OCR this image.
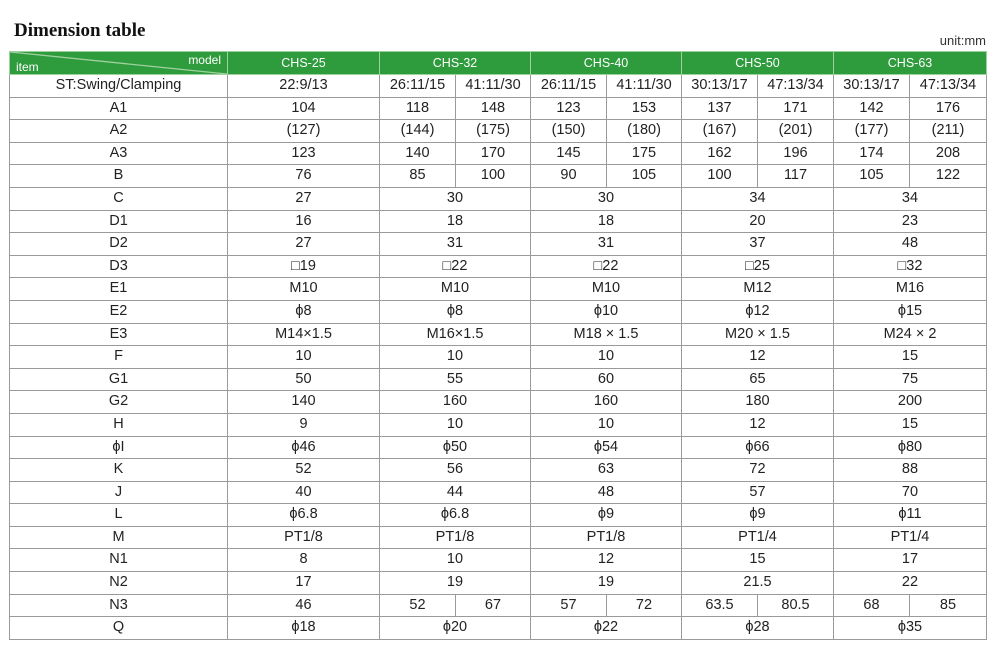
Dimension table	unit:mm
model
item	CHS-25	CHS-32		CHS-40		CHS-50		CHS-63	
ST:Swing/Clamping	22:9/13	26:11/15	41:11/30	26:11/15	41:11/30	30:13/17	47:13/34	30:13/17	47:13/34
A1	104	118	148	123	153	137	171	142	176
A2	(127)	(144)	(175)	(150)	(180)	(167)	(201)	(177)	(211)
A3	123	140	170	145	175	162	196	174	208
B	76	85	100	90	105	100	117	105	122
C	27	30		30		34		34	
D1	16	18		18		20		23	
D2	27	31		31		37		48	
D3	□19	□22		□22		□25		□32	
E1	M10	M10		M10		M12		M16	
E2	ϕ8	ϕ8		ϕ10		ϕ12		ϕ15	
E3	M14×1.5	M16×1.5		M18 × 1.5		M20 × 1.5		M24 × 2	
F	10	10		10		12		15	
G1	50	55		60		65		75	
G2	140	160		160		180		200	
H	9	10		10		12		15	
ϕI	ϕ46	ϕ50		ϕ54		ϕ66		ϕ80	
K	52	56		63		72		88	
J	40	44		48		57		70	
L	ϕ6.8	ϕ6.8		ϕ9		ϕ9		ϕ11	
M	PT1/8	PT1/8		PT1/8		PT1/4		PT1/4	
N1	8	10		12		15		17	
N2	17	19		19		21.5		22	
N3	46	52	67	57	72	63.5	80.5	68	85
Q	ϕ18	ϕ20		ϕ22		ϕ28		ϕ35	
